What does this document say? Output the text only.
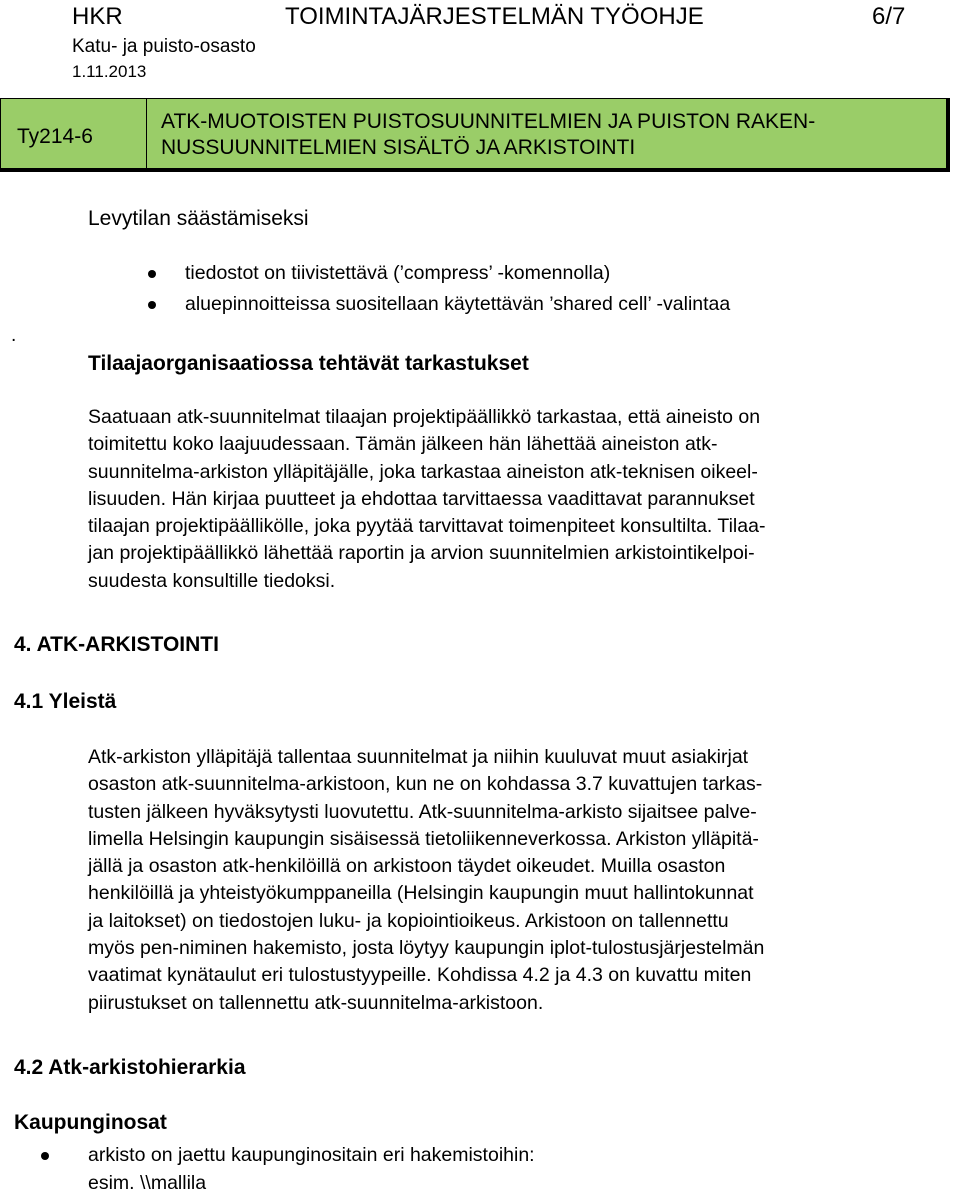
HKR	TOIMINTAJÄRJESTELMÄN TYÖOHJE	6/7
Katu- ja puisto-osasto
1.11.2013
Ty214-6
ATK-MUOTOISTEN PUISTOSUUNNITELMIEN JA PUISTON RAKEN-
NUSSUUNNITELMIEN SISÄLTÖ JA ARKISTOINTI
Levytilan säästämiseksi
tiedostot on tiivistettävä (’compress’ -komennolla)
aluepinnoitteissa suositellaan käytettävän ’shared cell’ -valintaa
.
Tilaajaorganisaatiossa tehtävät tarkastukset
Saatuaan atk-suunnitelmat tilaajan projektipäällikkö tarkastaa, että aineisto on
toimitettu koko laajuudessaan. Tämän jälkeen hän lähettää aineiston atk-
suunnitelma-arkiston ylläpitäjälle, joka tarkastaa aineiston atk-teknisen oikeel-
lisuuden. Hän kirjaa puutteet ja ehdottaa tarvittaessa vaadittavat parannukset
tilaajan projektipäällikölle, joka pyytää tarvittavat toimenpiteet konsultilta. Tilaa-
jan projektipäällikkö lähettää raportin ja arvion suunnitelmien arkistointikelpoi-
suudesta konsultille tiedoksi.
4. ATK-ARKISTOINTI
4.1 Yleistä
Atk-arkiston ylläpitäjä tallentaa suunnitelmat ja niihin kuuluvat muut asiakirjat
osaston atk-suunnitelma-arkistoon, kun ne on kohdassa 3.7 kuvattujen tarkas-
tusten jälkeen hyväksytysti luovutettu. Atk-suunnitelma-arkisto sijaitsee palve-
limella Helsingin kaupungin sisäisessä tietoliikenneverkossa. Arkiston ylläpitä-
jällä ja osaston atk-henkilöillä on arkistoon täydet oikeudet. Muilla osaston
henkilöillä ja yhteistyökumppaneilla (Helsingin kaupungin muut hallintokunnat
ja laitokset) on tiedostojen luku- ja kopiointioikeus. Arkistoon on tallennettu
myös pen-niminen hakemisto, josta löytyy kaupungin iplot-tulostusjärjestelmän
vaatimat kynätaulut eri tulostustyypeille. Kohdissa 4.2 ja 4.3 on kuvattu miten
piirustukset on tallennettu atk-suunnitelma-arkistoon.
4.2 Atk-arkistohierarkia
Kaupunginosat
arkisto on jaettu kaupunginositain eri hakemistoihin:
esim. \\mallila
